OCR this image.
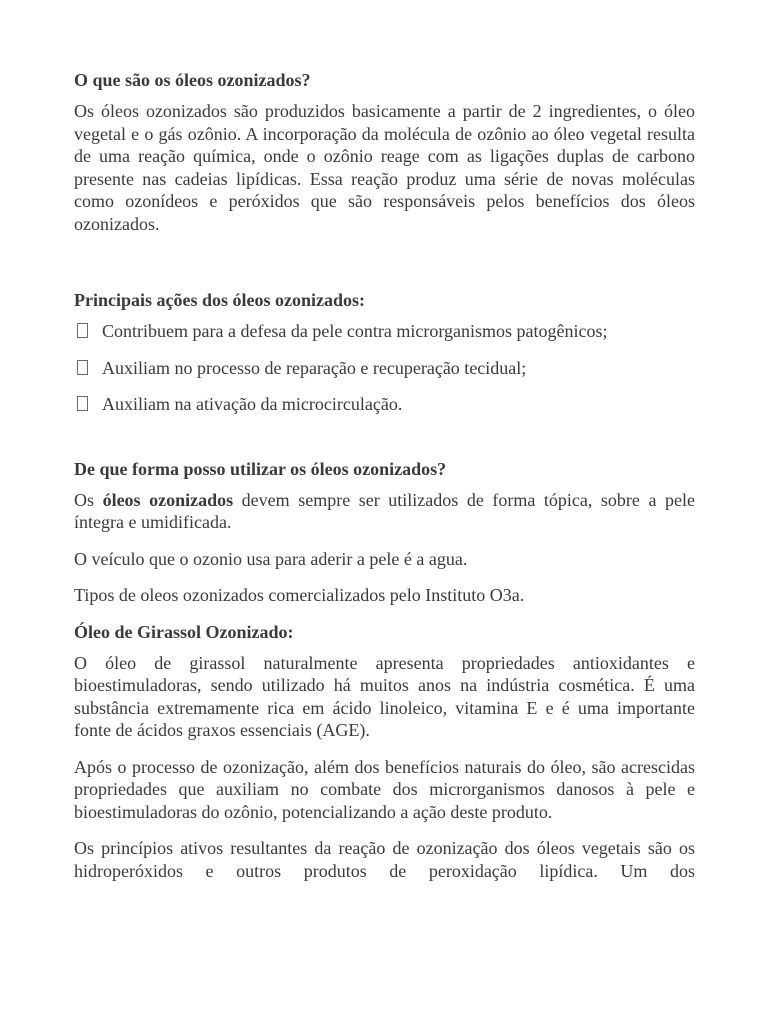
O que são os óleos ozonizados?

Os óleos ozonizados são produzidos basicamente a partir de 2 ingredientes, o óleo vegetal e o gás ozônio. A incorporação da molécula de ozônio ao óleo vegetal resulta de uma reação química, onde o ozônio reage com as ligações duplas de carbono presente nas cadeias lipídicas. Essa reação produz uma série de novas moléculas como ozonídeos e peróxidos que são responsáveis pelos benefícios dos óleos ozonizados.

Principais ações dos óleos ozonizados:
Contribuem para a defesa da pele contra microrganismos patogênicos;
Auxiliam no processo de reparação e recuperação tecidual;
Auxiliam na ativação da microcirculação.
De que forma posso utilizar os óleos ozonizados?

Os óleos ozonizados devem sempre ser utilizados de forma tópica, sobre a pele íntegra e umidificada.

O veículo que o ozonio usa para aderir a pele é a agua.

Tipos de oleos ozonizados comercializados pelo Instituto O3a.

Óleo de Girassol Ozonizado:

O óleo de girassol naturalmente apresenta propriedades antioxidantes e bioestimuladoras, sendo utilizado há muitos anos na indústria cosmética. É uma substância extremamente rica em ácido linoleico, vitamina E e é uma importante fonte de ácidos graxos essenciais (AGE).

Após o processo de ozonização, além dos benefícios naturais do óleo, são acrescidas propriedades que auxiliam no combate dos microrganismos danosos à pele e bioestimuladoras do ozônio, potencializando a ação deste produto.

Os princípios ativos resultantes da reação de ozonização dos óleos vegetais são os hidroperóxidos e outros produtos de peroxidação lipídica. Um dos
